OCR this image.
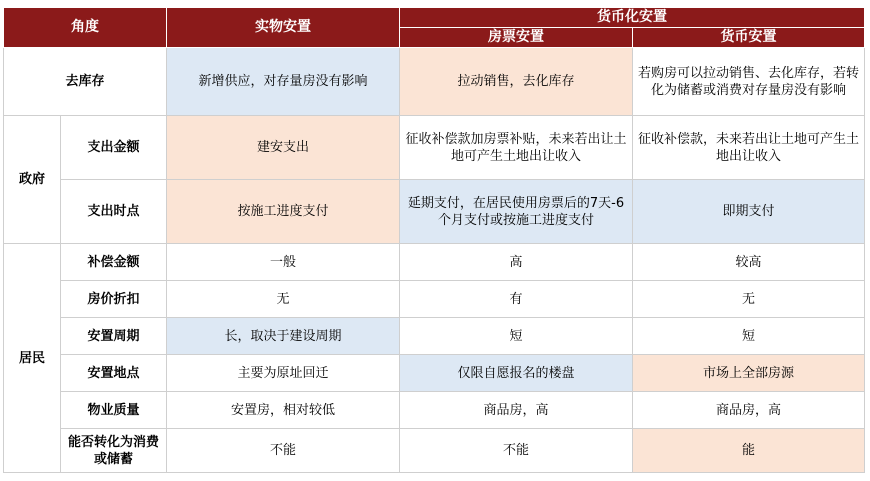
角度		实物安置	货币化安置	
			房票安置	货币安置
去库存		新增供应，对存量房没有影响	拉动销售，去化库存	若购房可以拉动销售、去化库存，若转化为储蓄或消费对存量房没有影响
政府	支出金额	建安支出	征收补偿款加房票补贴，未来若出让土地可产生土地出让收入	征收补偿款，未来若出让土地可产生土地出让收入
	支出时点	按施工进度支付	延期支付，在居民使用房票后的7天-6个月支付或按施工进度支付	即期支付
居民	补偿金额	一般	高	较高
	房价折扣	无	有	无
	安置周期	长，取决于建设周期	短	短
	安置地点	主要为原址回迁	仅限自愿报名的楼盘	市场上全部房源
	物业质量	安置房，相对较低	商品房，高	商品房，高
	能否转化为消费或储蓄	不能	不能	能
